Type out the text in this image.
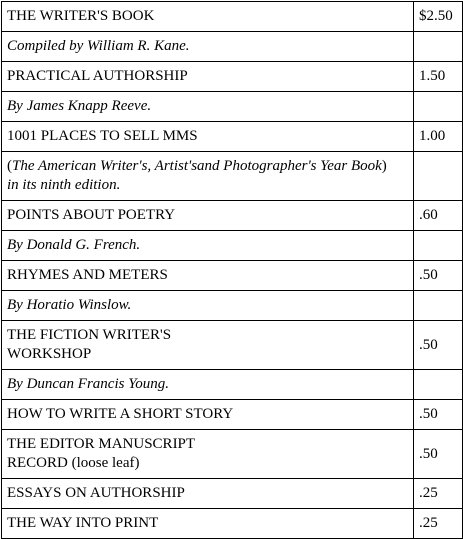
THE WRITER'S BOOK	$2.50
Compiled by William R. Kane.	
PRACTICAL AUTHORSHIP	1.50
By James Knapp Reeve.	
1001 PLACES TO SELL MMS	1.00
(The American Writer's, Artist'sand Photographer's Year Book)
in its ninth edition.	
POINTS ABOUT POETRY	.60
By Donald G. French.	
RHYMES AND METERS	.50
By Horatio Winslow.	
THE FICTION WRITER'S
WORKSHOP	.50
By Duncan Francis Young.	
HOW TO WRITE A SHORT STORY	.50
THE EDITOR MANUSCRIPT
RECORD (loose leaf)	.50
ESSAYS ON AUTHORSHIP	.25
THE WAY INTO PRINT	.25
